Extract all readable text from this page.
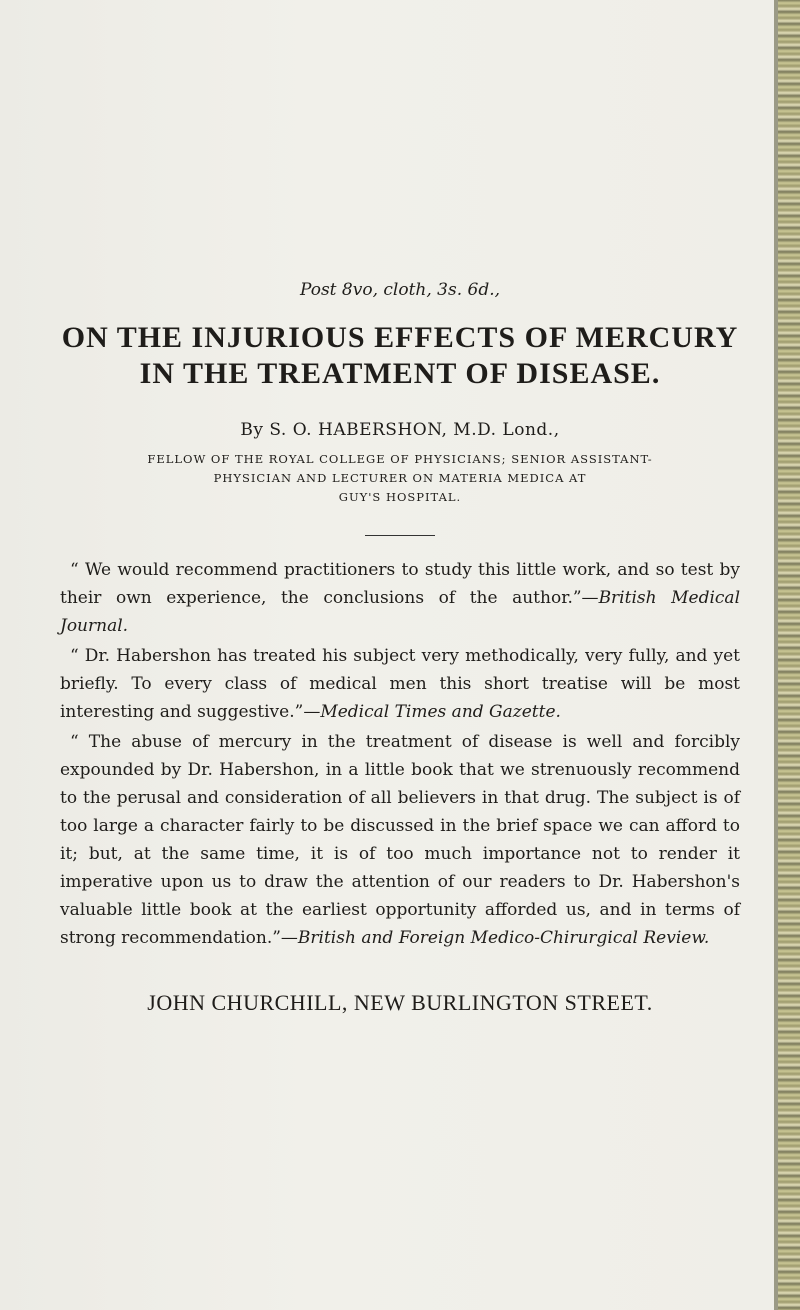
Post 8vo, cloth, 3s. 6d.,

ON THE INJURIOUS EFFECTS OF MERCURY
IN THE TREATMENT OF DISEASE.

By S. O. HABERSHON, M.D. Lond.,

FELLOW OF THE ROYAL COLLEGE OF PHYSICIANS; SENIOR ASSISTANT-
PHYSICIAN AND LECTURER ON MATERIA MEDICA AT
GUY'S HOSPITAL.

“ We would recommend practitioners to study this little work, and so test by their own experience, the conclusions of the author.”—British Medical Journal.

“ Dr. Habershon has treated his subject very methodically, very fully, and yet briefly. To every class of medical men this short treatise will be most interesting and suggestive.”—Medical Times and Gazette.

“ The abuse of mercury in the treatment of disease is well and forcibly expounded by Dr. Habershon, in a little book that we strenuously recommend to the perusal and consideration of all believers in that drug. The subject is of too large a character fairly to be discussed in the brief space we can afford to it; but, at the same time, it is of too much importance not to render it imperative upon us to draw the attention of our readers to Dr. Habershon's valuable little book at the earliest opportunity afforded us, and in terms of strong recommendation.”—British and Foreign Medico-Chirurgical Review.

JOHN CHURCHILL, NEW BURLINGTON STREET.
